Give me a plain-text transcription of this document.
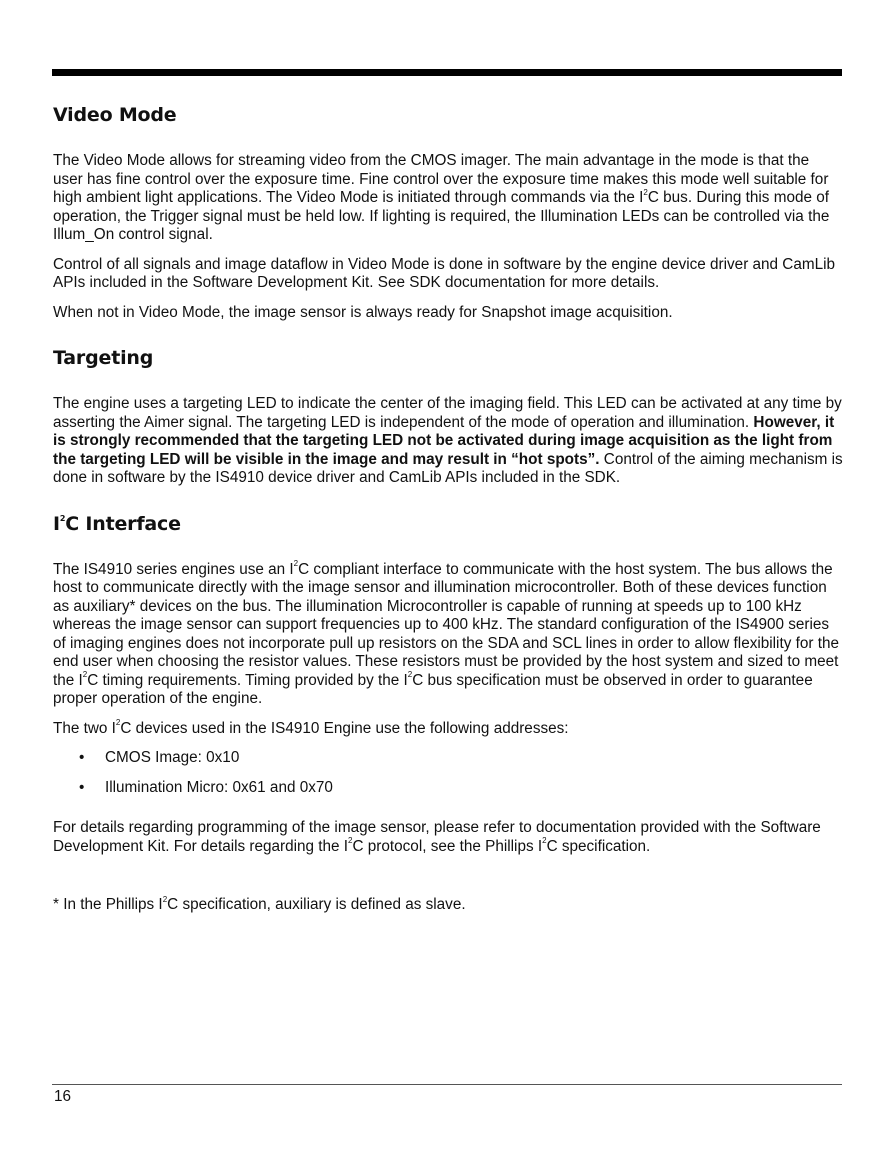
Video Mode

The Video Mode allows for streaming video from the CMOS imager. The main advantage in the mode is that the user has fine control over the exposure time. Fine control over the exposure time makes this mode well suitable for high ambient light applications. The Video Mode is initiated through commands via the $I^2C$ bus. During this mode of operation, the Trigger signal must be held low. If lighting is required, the Illumination LEDs can be controlled via the Illum_On control signal.

Control of all signals and image dataflow in Video Mode is done in software by the engine device driver and CamLib APIs included in the Software Development Kit. See SDK documentation for more details.

When not in Video Mode, the image sensor is always ready for Snapshot image acquisition.

Targeting

The engine uses a targeting LED to indicate the center of the imaging field. This LED can be activated at any time by asserting the Aimer signal. The targeting LED is independent of the mode of operation and illumination. However, it is strongly recommended that the targeting LED not be activated during image acquisition as the light from the targeting LED will be visible in the image and may result in “hot spots”. Control of the aiming mechanism is done in software by the IS4910 device driver and CamLib APIs included in the SDK.

$I^2C$ Interface

The IS4910 series engines use an $I^2C$ compliant interface to communicate with the host system. The bus allows the host to communicate directly with the image sensor and illumination microcontroller. Both of these devices function as auxiliary* devices on the bus. The illumination Microcontroller is capable of running at speeds up to 100 kHz whereas the image sensor can support frequencies up to 400 kHz. The standard configuration of the IS4900 series of imaging engines does not incorporate pull up resistors on the SDA and SCL lines in order to allow flexibility for the end user when choosing the resistor values. These resistors must be provided by the host system and sized to meet the $I^2C$ timing requirements. Timing provided by the $I^2C$ bus specification must be observed in order to guarantee proper operation of the engine.

The two $I^2C$ devices used in the IS4910 Engine use the following addresses:

• CMOS Image: 0x10
• Illumination Micro: 0x61 and 0x70

For details regarding programming of the image sensor, please refer to documentation provided with the Software Development Kit. For details regarding the $I^2C$ protocol, see the Phillips $I^2C$ specification.

* In the Phillips $I^2C$ specification, auxiliary is defined as slave.

16
